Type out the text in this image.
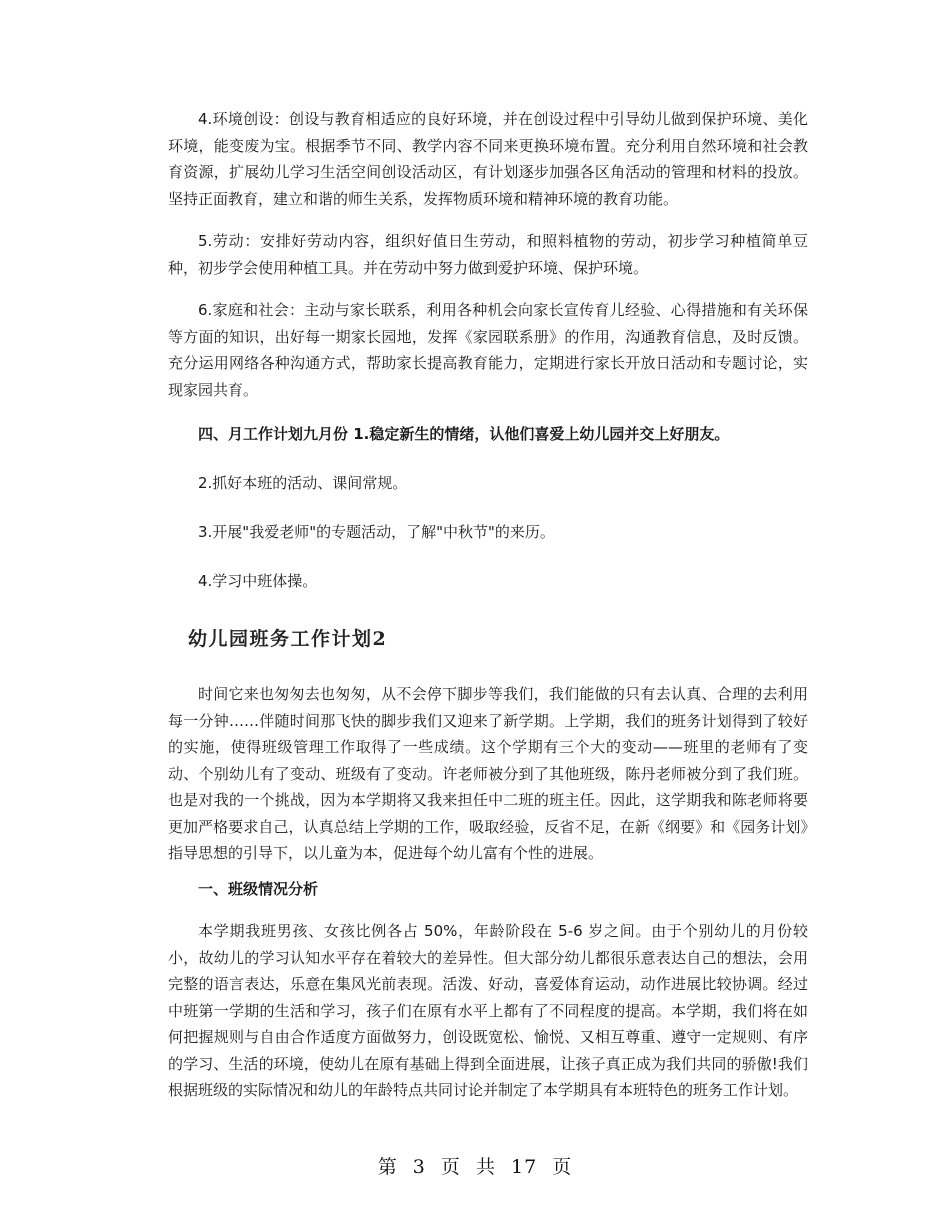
4.环境创设：创设与教育相适应的良好环境，并在创设过程中引导幼儿做到保护环境、美化环境，能变废为宝。根据季节不同、教学内容不同来更换环境布置。充分利用自然环境和社会教育资源，扩展幼儿学习生活空间创设活动区，有计划逐步加强各区角活动的管理和材料的投放。坚持正面教育，建立和谐的师生关系，发挥物质环境和精神环境的教育功能。

5.劳动：安排好劳动内容，组织好值日生劳动，和照料植物的劳动，初步学习种植简单豆种，初步学会使用种植工具。并在劳动中努力做到爱护环境、保护环境。

6.家庭和社会：主动与家长联系，利用各种机会向家长宣传育儿经验、心得措施和有关环保等方面的知识，出好每一期家长园地，发挥《家园联系册》的作用，沟通教育信息，及时反馈。充分运用网络各种沟通方式，帮助家长提高教育能力，定期进行家长开放日活动和专题讨论，实现家园共育。

四、月工作计划九月份 1.稳定新生的情绪，认他们喜爱上幼儿园并交上好朋友。

2.抓好本班的活动、课间常规。

3.开展"我爱老师"的专题活动，了解"中秋节"的来历。

4.学习中班体操。

幼儿园班务工作计划2

时间它来也匆匆去也匆匆，从不会停下脚步等我们，我们能做的只有去认真、合理的去利用每一分钟……伴随时间那飞快的脚步我们又迎来了新学期。上学期，我们的班务计划得到了较好的实施，使得班级管理工作取得了一些成绩。这个学期有三个大的变动——班里的老师有了变动、个别幼儿有了变动、班级有了变动。许老师被分到了其他班级，陈丹老师被分到了我们班。也是对我的一个挑战，因为本学期将又我来担任中二班的班主任。因此，这学期我和陈老师将要更加严格要求自己，认真总结上学期的工作，吸取经验，反省不足，在新《纲要》和《园务计划》指导思想的引导下，以儿童为本，促进每个幼儿富有个性的进展。

一、班级情况分析

本学期我班男孩、女孩比例各占 50%，年龄阶段在 5-6 岁之间。由于个别幼儿的月份较小，故幼儿的学习认知水平存在着较大的差异性。但大部分幼儿都很乐意表达自己的想法，会用完整的语言表达，乐意在集风光前表现。活泼、好动，喜爱体育运动，动作进展比较协调。经过中班第一学期的生活和学习，孩子们在原有水平上都有了不同程度的提高。本学期，我们将在如何把握规则与自由合作适度方面做努力，创设既宽松、愉悦、又相互尊重、遵守一定规则、有序的学习、生活的环境，使幼儿在原有基础上得到全面进展，让孩子真正成为我们共同的骄傲!我们根据班级的实际情况和幼儿的年龄特点共同讨论并制定了本学期具有本班特色的班务工作计划。

第 3 页 共 17 页
